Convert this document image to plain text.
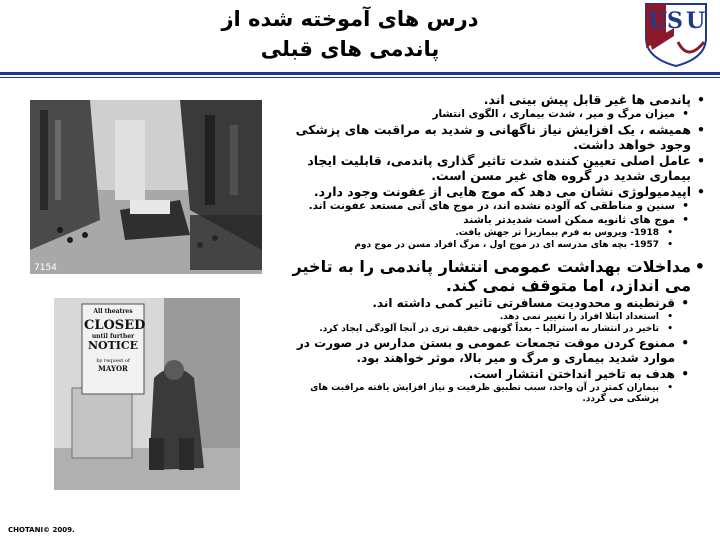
درس های آموخته شده از
پاندمی های قبلی
U S U
7154
All theatres
CLOSED
until further
NOTICE
by request of
MAYOR
• پاندمی ها غیر قابل پیش بینی اند.
• میزان مرگ و میر ، شدت بیماری ، الگوی انتشار
• همیشه ، یک افزایش نیاز ناگهانی و شدید به مراقبت های پزشکی وجود خواهد داشت.
• عامل اصلی تعیین کننده شدت تاثیر گذاری پاندمی، قابلیت ایجاد بیماری شدید در گروه های غیر مسن است.
• اپیدمیولوژی نشان می دهد که موج هایی از عفونت وجود دارد.
• سنین و مناطقی که آلوده نشده اند، در موج های آتی مستعد عفونت اند.
• موج های ثانویه ممکن است شدیدتر باشند
• 1918- ویروس به فرم بیماریزا تر جهش یافت.
• 1957- بچه های مدرسه ای در موج اول ، مرگ افراد مسن در موج دوم
• مداخلات بهداشت عمومی انتشار پاندمی را به تاخیر می اندازد، اما متوقف نمی کند.
• قرنطینه و محدودیت مسافرتی تاثیر کمی داشته اند.
• استعداد ابتلا افراد را تغییر نمی دهد.
• تاخیر در انتشار به استرالیا – بعداً گونهی خفیف تری در آنجا آلودگی ایجاد کرد.
• ممنوع کردن موقت تجمعات عمومی و بستن مدارس در صورت در موارد شدید بیماری و مرگ و میر بالا، موثر خواهند بود.
• هدف به تاخیر انداختن انتشار است.
• بیماران کمتر در آن واحد، سبب تطبیق ظرفیت و نیاز افزایش یافته مراقبت های پزشکی می گردد.
CHOTANI© 2009.
